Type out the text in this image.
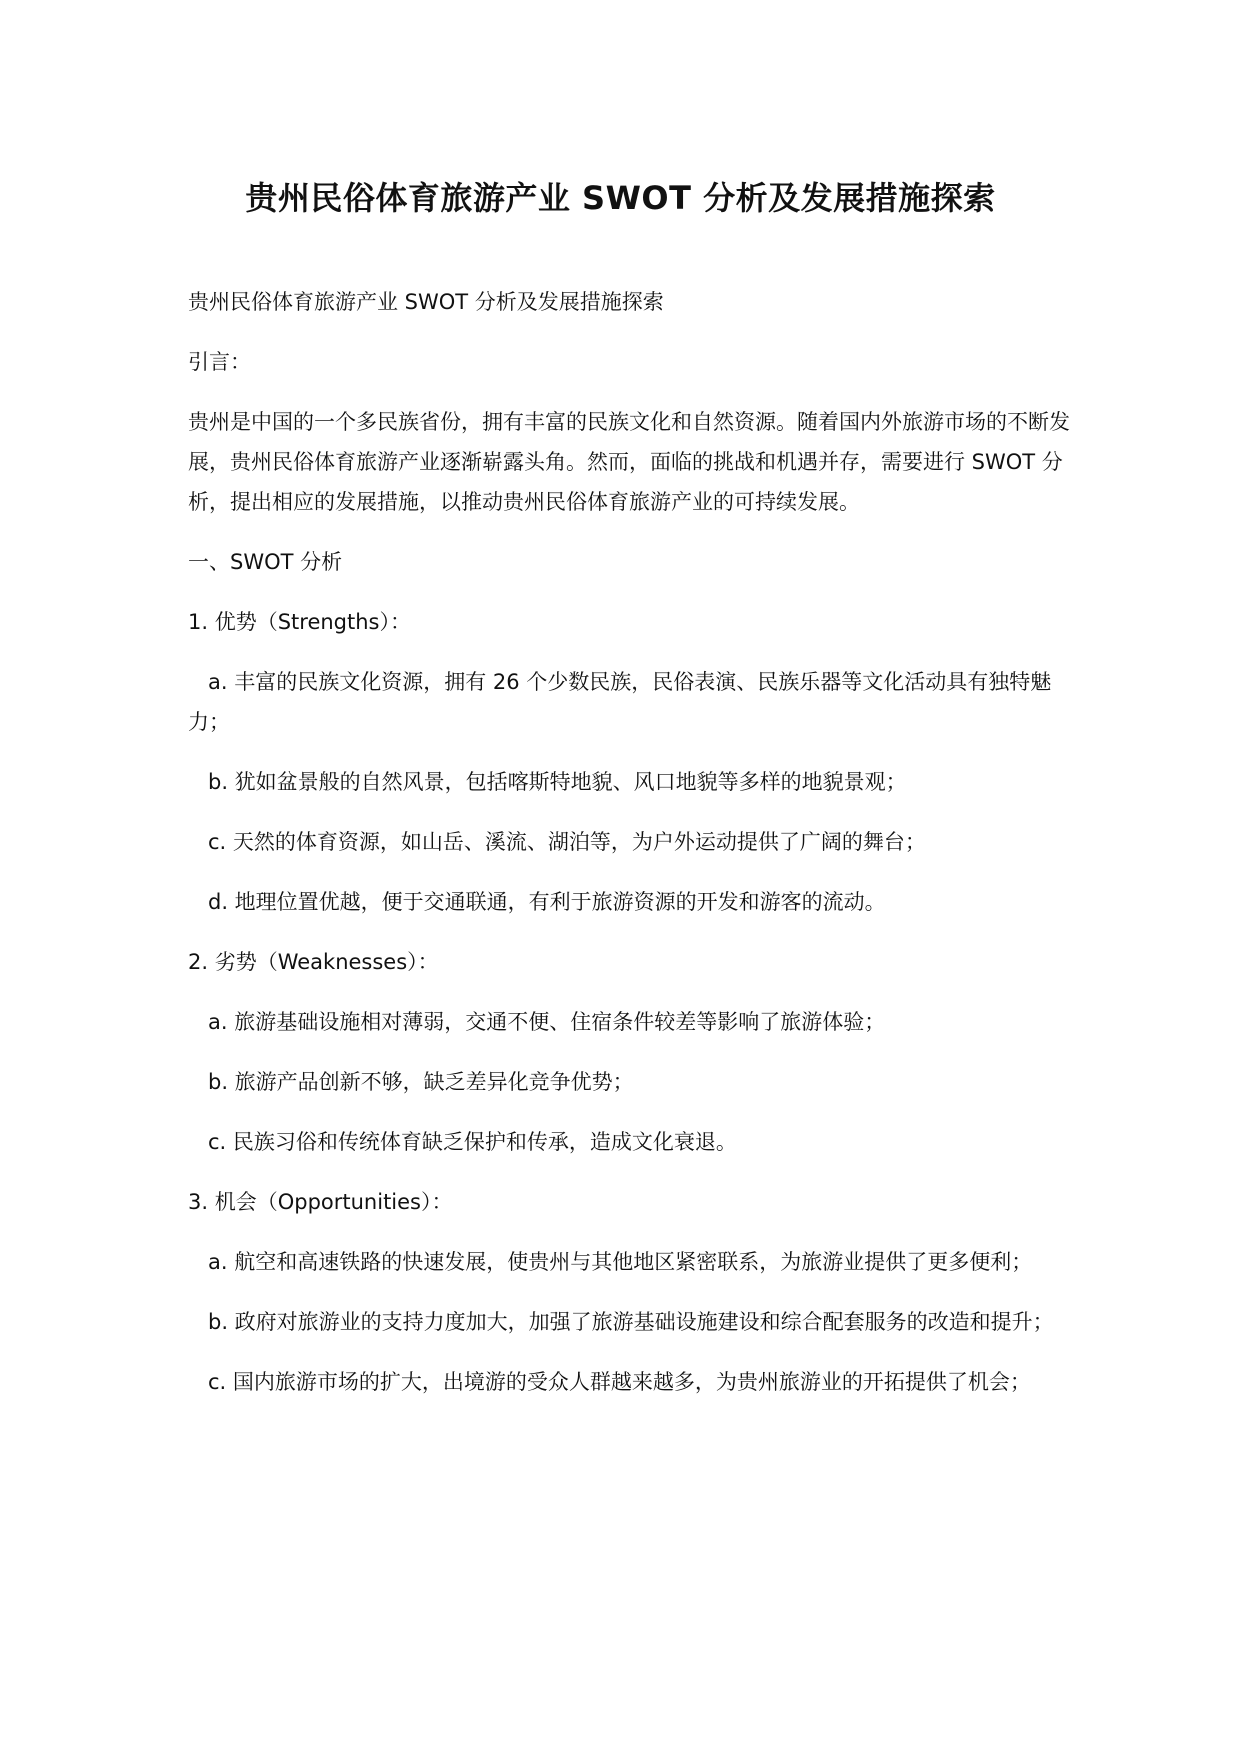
贵州民俗体育旅游产业 SWOT 分析及发展措施探索

贵州民俗体育旅游产业 SWOT 分析及发展措施探索

引言：

贵州是中国的一个多民族省份，拥有丰富的民族文化和自然资源。随着国内外旅游市场的不断发展，贵州民俗体育旅游产业逐渐崭露头角。然而，面临的挑战和机遇并存，需要进行 SWOT 分析，提出相应的发展措施，以推动贵州民俗体育旅游产业的可持续发展。

一、SWOT 分析

1. 优势（Strengths）：

a. 丰富的民族文化资源，拥有 26 个少数民族，民俗表演、民族乐器等文化活动具有独特魅力；

b. 犹如盆景般的自然风景，包括喀斯特地貌、风口地貌等多样的地貌景观；

c. 天然的体育资源，如山岳、溪流、湖泊等，为户外运动提供了广阔的舞台；

d. 地理位置优越，便于交通联通，有利于旅游资源的开发和游客的流动。

2. 劣势（Weaknesses）：

a. 旅游基础设施相对薄弱，交通不便、住宿条件较差等影响了旅游体验；

b. 旅游产品创新不够，缺乏差异化竞争优势；

c. 民族习俗和传统体育缺乏保护和传承，造成文化衰退。

3. 机会（Opportunities）：

a. 航空和高速铁路的快速发展，使贵州与其他地区紧密联系，为旅游业提供了更多便利；

b. 政府对旅游业的支持力度加大，加强了旅游基础设施建设和综合配套服务的改造和提升；

c. 国内旅游市场的扩大，出境游的受众人群越来越多，为贵州旅游业的开拓提供了机会；
